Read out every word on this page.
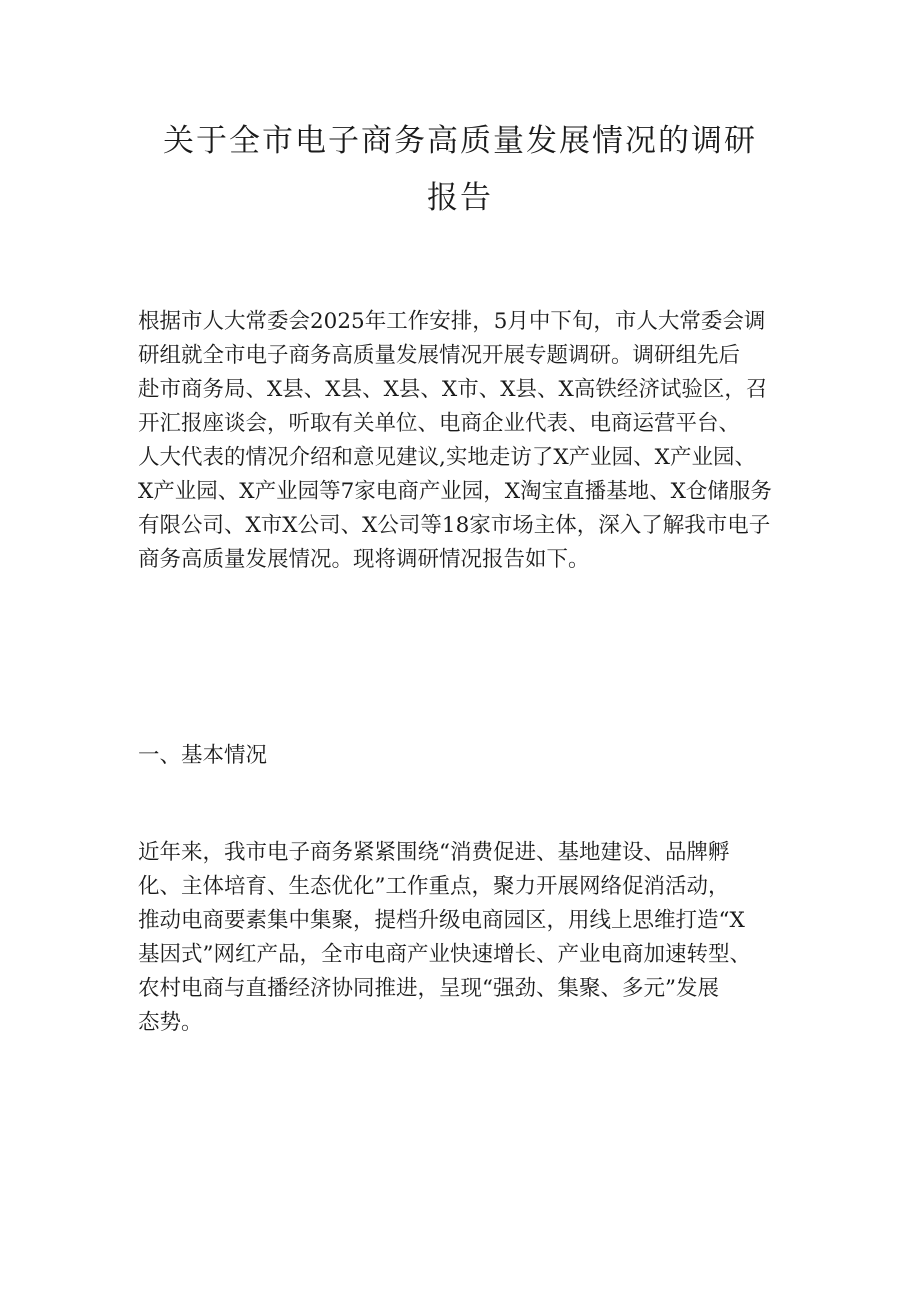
关于全市电子商务高质量发展情况的调研
报告
根据市人大常委会2025年工作安排，5月中下旬，市人大常委会调
研组就全市电子商务高质量发展情况开展专题调研。调研组先后
赴市商务局、X县、X县、X县、X市、X县、X高铁经济试验区，召
开汇报座谈会，听取有关单位、电商企业代表、电商运营平台、
人大代表的情况介绍和意见建议,实地走访了X产业园、X产业园、
X产业园、X产业园等7家电商产业园，X淘宝直播基地、X仓储服务
有限公司、X市X公司、X公司等18家市场主体，深入了解我市电子
商务高质量发展情况。现将调研情况报告如下。
一、基本情况
近年来，我市电子商务紧紧围绕“消费促进、基地建设、品牌孵
化、主体培育、生态优化”工作重点，聚力开展网络促消活动，
推动电商要素集中集聚，提档升级电商园区，用线上思维打造“X
基因式”网红产品，全市电商产业快速增长、产业电商加速转型、
农村电商与直播经济协同推进，呈现“强劲、集聚、多元”发展
态势。
